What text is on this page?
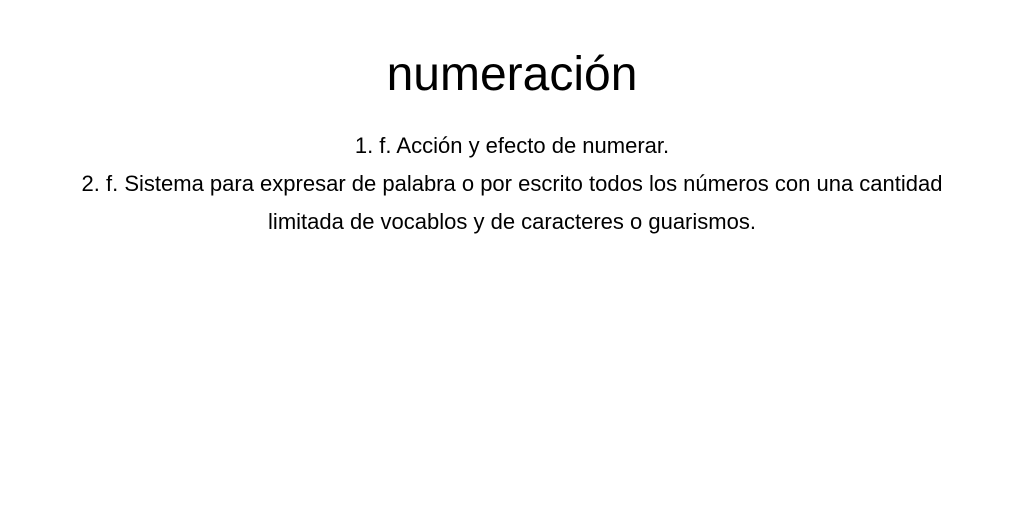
numeración
1. f. Acción y efecto de numerar.
2. f. Sistema para expresar de palabra o por escrito todos los números con una cantidad limitada de vocablos y de caracteres o guarismos.
